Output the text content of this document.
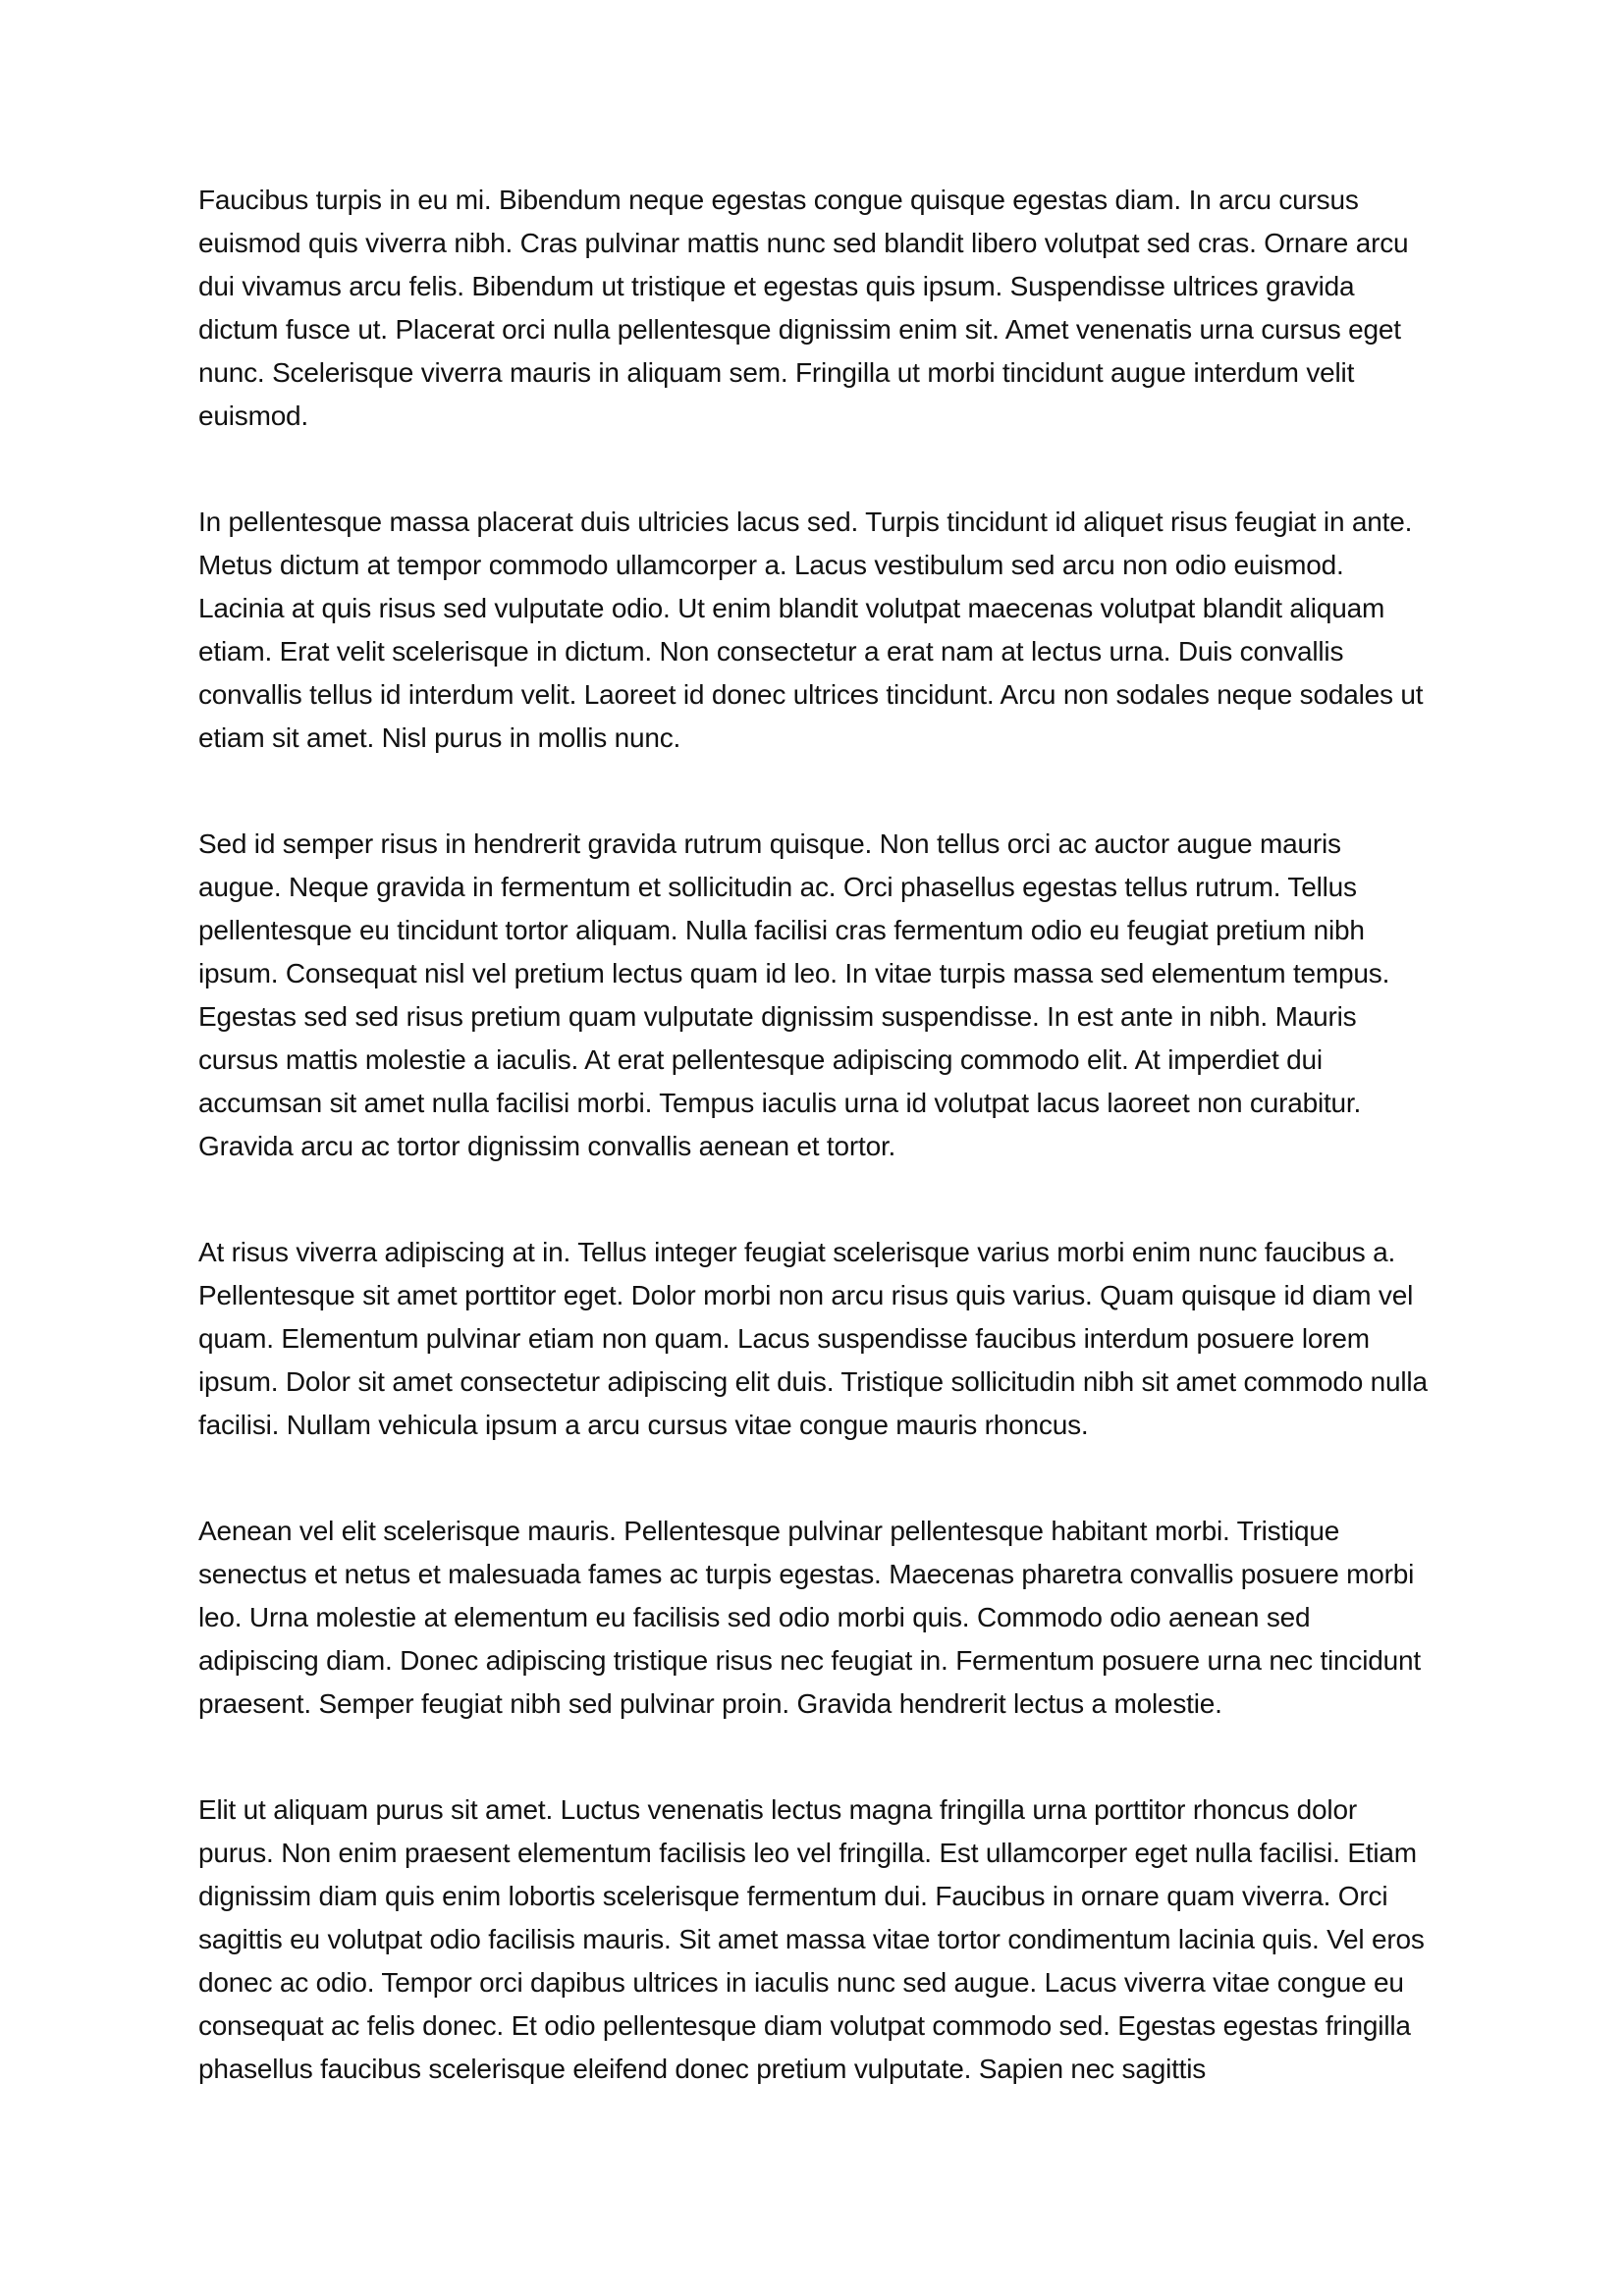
Faucibus turpis in eu mi. Bibendum neque egestas congue quisque egestas diam. In arcu cursus euismod quis viverra nibh. Cras pulvinar mattis nunc sed blandit libero volutpat sed cras. Ornare arcu dui vivamus arcu felis. Bibendum ut tristique et egestas quis ipsum. Suspendisse ultrices gravida dictum fusce ut. Placerat orci nulla pellentesque dignissim enim sit. Amet venenatis urna cursus eget nunc. Scelerisque viverra mauris in aliquam sem. Fringilla ut morbi tincidunt augue interdum velit euismod.

In pellentesque massa placerat duis ultricies lacus sed. Turpis tincidunt id aliquet risus feugiat in ante. Metus dictum at tempor commodo ullamcorper a. Lacus vestibulum sed arcu non odio euismod. Lacinia at quis risus sed vulputate odio. Ut enim blandit volutpat maecenas volutpat blandit aliquam etiam. Erat velit scelerisque in dictum. Non consectetur a erat nam at lectus urna. Duis convallis convallis tellus id interdum velit. Laoreet id donec ultrices tincidunt. Arcu non sodales neque sodales ut etiam sit amet. Nisl purus in mollis nunc.

Sed id semper risus in hendrerit gravida rutrum quisque. Non tellus orci ac auctor augue mauris augue. Neque gravida in fermentum et sollicitudin ac. Orci phasellus egestas tellus rutrum. Tellus pellentesque eu tincidunt tortor aliquam. Nulla facilisi cras fermentum odio eu feugiat pretium nibh ipsum. Consequat nisl vel pretium lectus quam id leo. In vitae turpis massa sed elementum tempus. Egestas sed sed risus pretium quam vulputate dignissim suspendisse. In est ante in nibh. Mauris cursus mattis molestie a iaculis. At erat pellentesque adipiscing commodo elit. At imperdiet dui accumsan sit amet nulla facilisi morbi. Tempus iaculis urna id volutpat lacus laoreet non curabitur. Gravida arcu ac tortor dignissim convallis aenean et tortor.

At risus viverra adipiscing at in. Tellus integer feugiat scelerisque varius morbi enim nunc faucibus a. Pellentesque sit amet porttitor eget. Dolor morbi non arcu risus quis varius. Quam quisque id diam vel quam. Elementum pulvinar etiam non quam. Lacus suspendisse faucibus interdum posuere lorem ipsum. Dolor sit amet consectetur adipiscing elit duis. Tristique sollicitudin nibh sit amet commodo nulla facilisi. Nullam vehicula ipsum a arcu cursus vitae congue mauris rhoncus.

Aenean vel elit scelerisque mauris. Pellentesque pulvinar pellentesque habitant morbi. Tristique senectus et netus et malesuada fames ac turpis egestas. Maecenas pharetra convallis posuere morbi leo. Urna molestie at elementum eu facilisis sed odio morbi quis. Commodo odio aenean sed adipiscing diam. Donec adipiscing tristique risus nec feugiat in. Fermentum posuere urna nec tincidunt praesent. Semper feugiat nibh sed pulvinar proin. Gravida hendrerit lectus a molestie.

Elit ut aliquam purus sit amet. Luctus venenatis lectus magna fringilla urna porttitor rhoncus dolor purus. Non enim praesent elementum facilisis leo vel fringilla. Est ullamcorper eget nulla facilisi. Etiam dignissim diam quis enim lobortis scelerisque fermentum dui. Faucibus in ornare quam viverra. Orci sagittis eu volutpat odio facilisis mauris. Sit amet massa vitae tortor condimentum lacinia quis. Vel eros donec ac odio. Tempor orci dapibus ultrices in iaculis nunc sed augue. Lacus viverra vitae congue eu consequat ac felis donec. Et odio pellentesque diam volutpat commodo sed. Egestas egestas fringilla phasellus faucibus scelerisque eleifend donec pretium vulputate. Sapien nec sagittis
